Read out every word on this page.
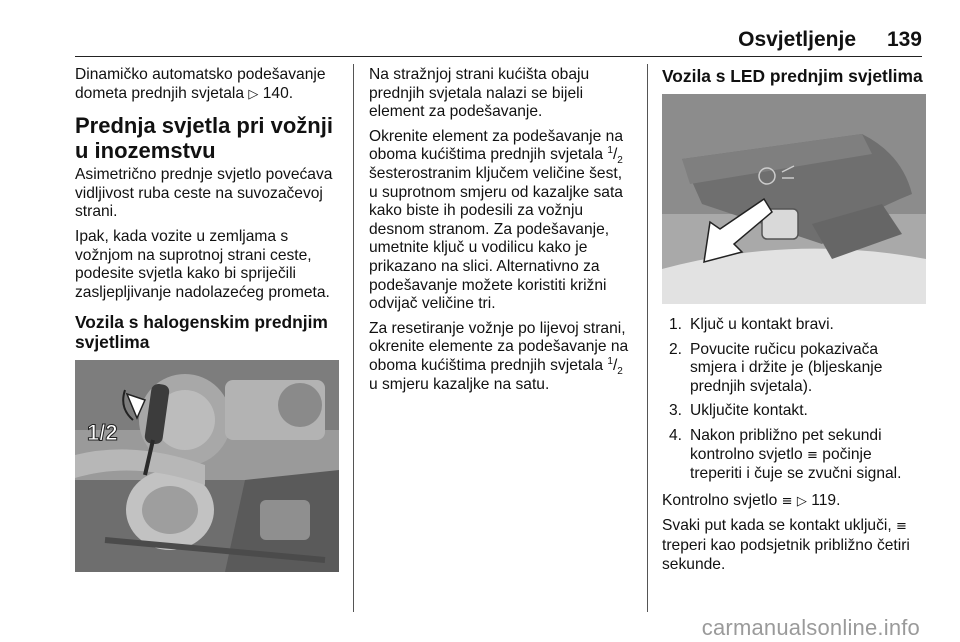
Osvjetljenje 139

Dinamičko automatsko podešavanje dometa prednjih svjetala ▷ 140.

Prednja svjetla pri vožnji u inozemstvu

Asimetrično prednje svjetlo povećava vidljivost ruba ceste na suvozačevoj strani.

Ipak, kada vozite u zemljama s vožnjom na suprotnoj strani ceste, podesite svjetla kako bi spriječili zasljepljivanje nadolazećeg prometa.

Vozila s halogenskim prednjim svjetlima
1/2

Na stražnjoj strani kućišta obaju prednjih svjetala nalazi se bijeli element za podešavanje.

Okrenite element za podešavanje na oboma kućištima prednjih svjetala $^1/_2$ šesterostranim ključem veličine šest, u suprotnom smjeru od kazaljke sata kako biste ih podesili za vožnju desnom stranom. Za podešavanje, umetnite ključ u vodilicu kako je prikazano na slici. Alternativno za podešavanje možete koristiti križni odvijač veličine tri.

Za resetiranje vožnje po lijevoj strani, okrenite elemente za podešavanje na oboma kućištima prednjih svjetala $^1/_2$ u smjeru kazaljke na satu.

Vozila s LED prednjim svjetlima
1. Ključ u kontakt bravi.
2. Povucite ručicu pokazivača smjera i držite je (bljeskanje prednjih svjetala).
3. Uključite kontakt.
4. Nakon približno pet sekundi kontrolno svjetlo ≡ počinje treperiti i čuje se zvučni signal.

Kontrolno svjetlo ≡ ▷ 119.

Svaki put kada se kontakt uključi, ≡ treperi kao podsjetnik približno četiri sekunde.

carmanualsonline.info
